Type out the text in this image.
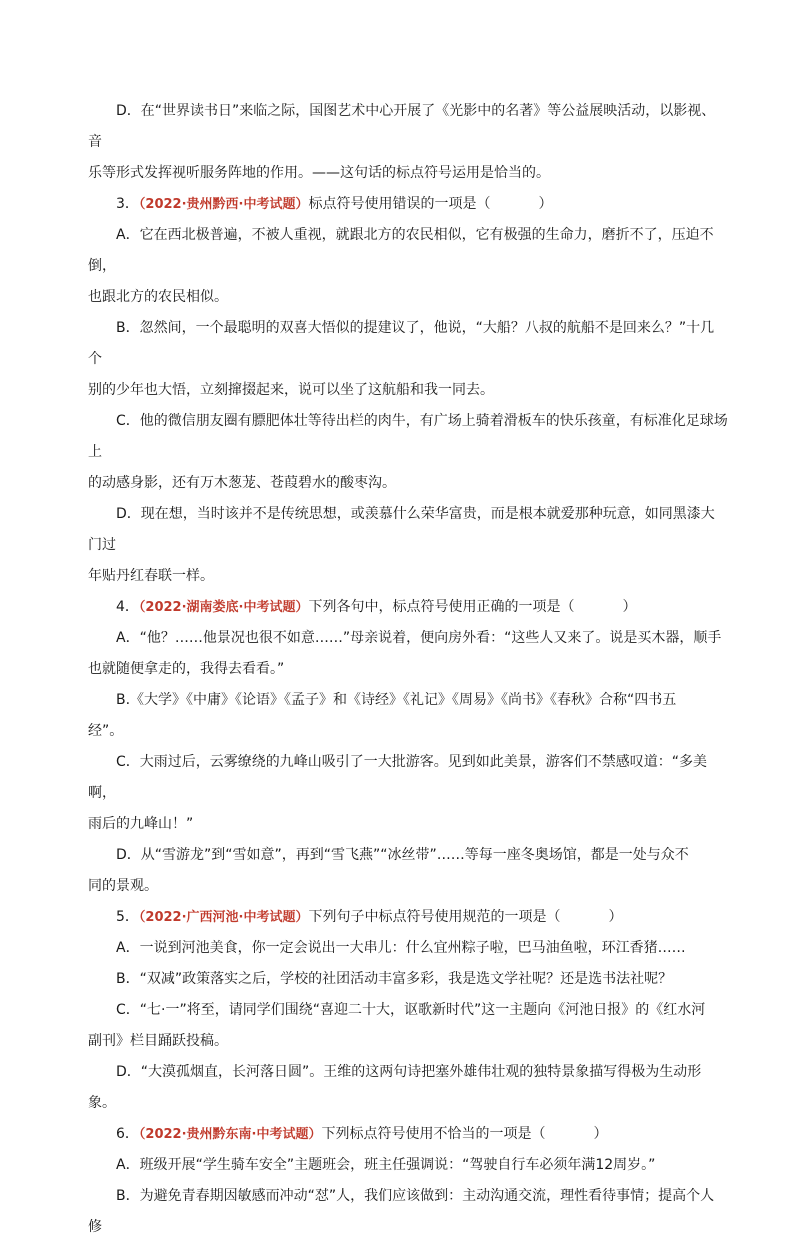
D．在“世界读书日”来临之际，国图艺术中心开展了《光影中的名著》等公益展映活动，以影视、音
乐等形式发挥视听服务阵地的作用。——这句话的标点符号运用是恰当的。

3．（2022·贵州黔西·中考试题）标点符号使用错误的一项是（	）

A．它在西北极普遍，不被人重视，就跟北方的农民相似，它有极强的生命力，磨折不了，压迫不倒，
也跟北方的农民相似。

B．忽然间，一个最聪明的双喜大悟似的提建议了，他说，“大船？八叔的航船不是回来么？”十几个
别的少年也大悟，立刻撺掇起来，说可以坐了这航船和我一同去。

C．他的微信朋友圈有膘肥体壮等待出栏的肉牛，有广场上骑着滑板车的快乐孩童，有标准化足球场上
的动感身影，还有万木葱茏、苍葭碧水的酸枣沟。

D．现在想，当时该并不是传统思想，或羡慕什么荣华富贵，而是根本就爱那种玩意，如同黑漆大门过
年贴丹红春联一样。

4．（2022·湖南娄底·中考试题）下列各句中，标点符号使用正确的一项是（	）

A．“他？……他景况也很不如意……”母亲说着，便向房外看：“这些人又来了。说是买木器，顺手
也就随便拿走的，我得去看看。”

B.《大学》《中庸》《论语》《孟子》和《诗经》《礼记》《周易》《尚书》《春秋》合称“四书五
经”。

C．大雨过后，云雾缭绕的九峰山吸引了一大批游客。见到如此美景，游客们不禁感叹道：“多美啊，
雨后的九峰山！”

D．从“雪游龙”到“雪如意”，再到“雪飞燕”“冰丝带”……等每一座冬奥场馆，都是一处与众不
同的景观。

5．（2022·广西河池·中考试题）下列句子中标点符号使用规范的一项是（	）

A．一说到河池美食，你一定会说出一大串儿：什么宜州粽子啦，巴马油鱼啦，环江香猪……

B．“双减”政策落实之后，学校的社团活动丰富多彩，我是选文学社呢？还是选书法社呢？

C．“七·一”将至，请同学们围绕“喜迎二十大，讴歌新时代”这一主题向《河池日报》的《红水河
副刊》栏目踊跃投稿。

D．“大漠孤烟直，长河落日圆”。王维的这两句诗把塞外雄伟壮观的独特景象描写得极为生动形象。

6．（2022·贵州黔东南·中考试题）下列标点符号使用不恰当的一项是（	）

A．班级开展“学生骑车安全”主题班会，班主任强调说：“驾驶自行车必须年满12周岁。”

B．为避免青春期因敏感而冲动“怼”人，我们应该做到：主动沟通交流，理性看待事情；提高个人修
